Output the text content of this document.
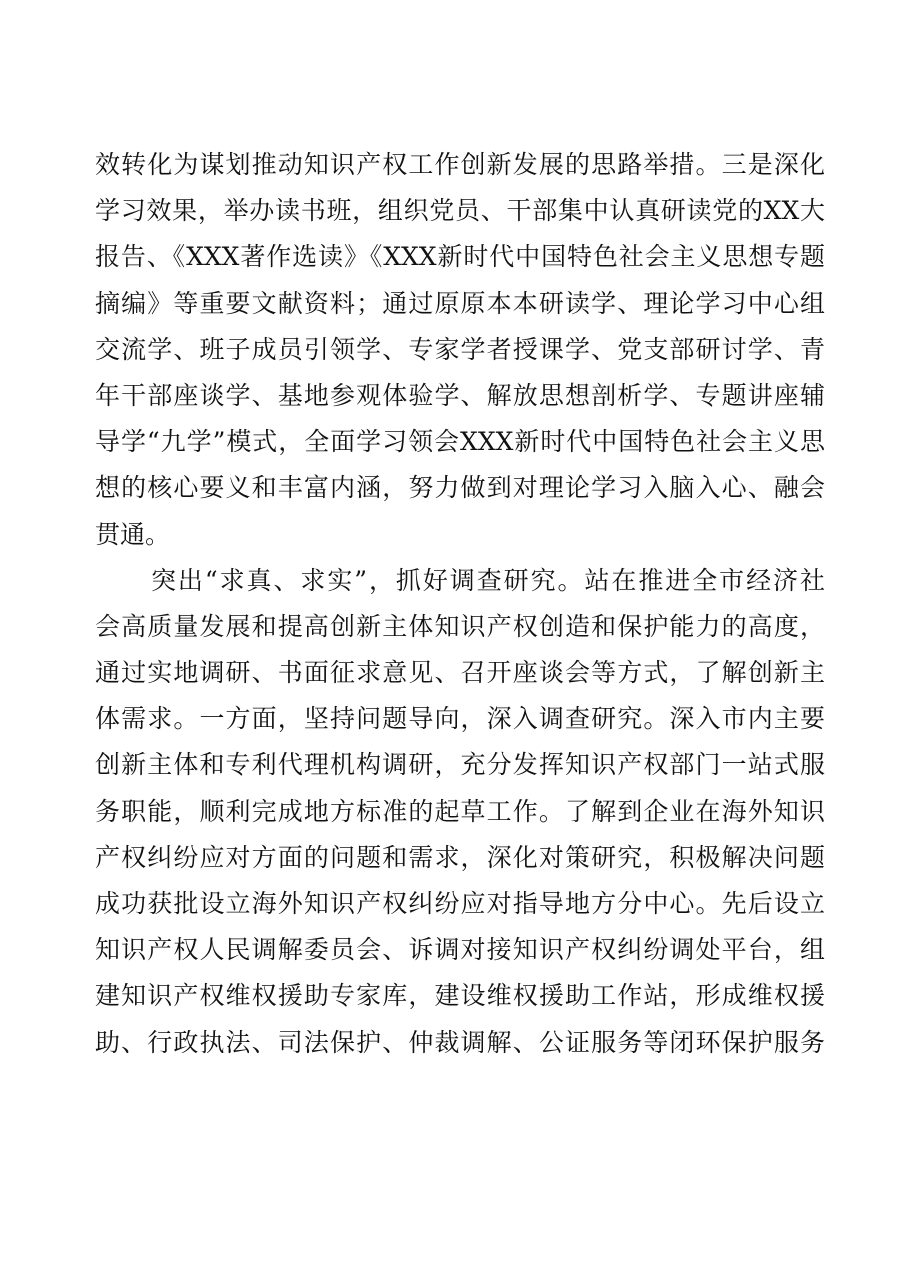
效转化为谋划推动知识产权工作创新发展的思路举措。三是深化
学习效果，举办读书班，组织党员、干部集中认真研读党的XX大
报告、《XXX著作选读》《XXX新时代中国特色社会主义思想专题
摘编》等重要文献资料；通过原原本本研读学、理论学习中心组
交流学、班子成员引领学、专家学者授课学、党支部研讨学、青
年干部座谈学、基地参观体验学、解放思想剖析学、专题讲座辅
导学“九学”模式，全面学习领会XXX新时代中国特色社会主义思
想的核心要义和丰富内涵，努力做到对理论学习入脑入心、融会
贯通。
突出“求真、求实”，抓好调查研究。站在推进全市经济社
会高质量发展和提高创新主体知识产权创造和保护能力的高度，
通过实地调研、书面征求意见、召开座谈会等方式，了解创新主
体需求。一方面，坚持问题导向，深入调查研究。深入市内主要
创新主体和专利代理机构调研，充分发挥知识产权部门一站式服
务职能，顺利完成地方标准的起草工作。了解到企业在海外知识
产权纠纷应对方面的问题和需求，深化对策研究，积极解决问题
成功获批设立海外知识产权纠纷应对指导地方分中心。先后设立
知识产权人民调解委员会、诉调对接知识产权纠纷调处平台，组
建知识产权维权援助专家库，建设维权援助工作站，形成维权援
助、行政执法、司法保护、仲裁调解、公证服务等闭环保护服务
